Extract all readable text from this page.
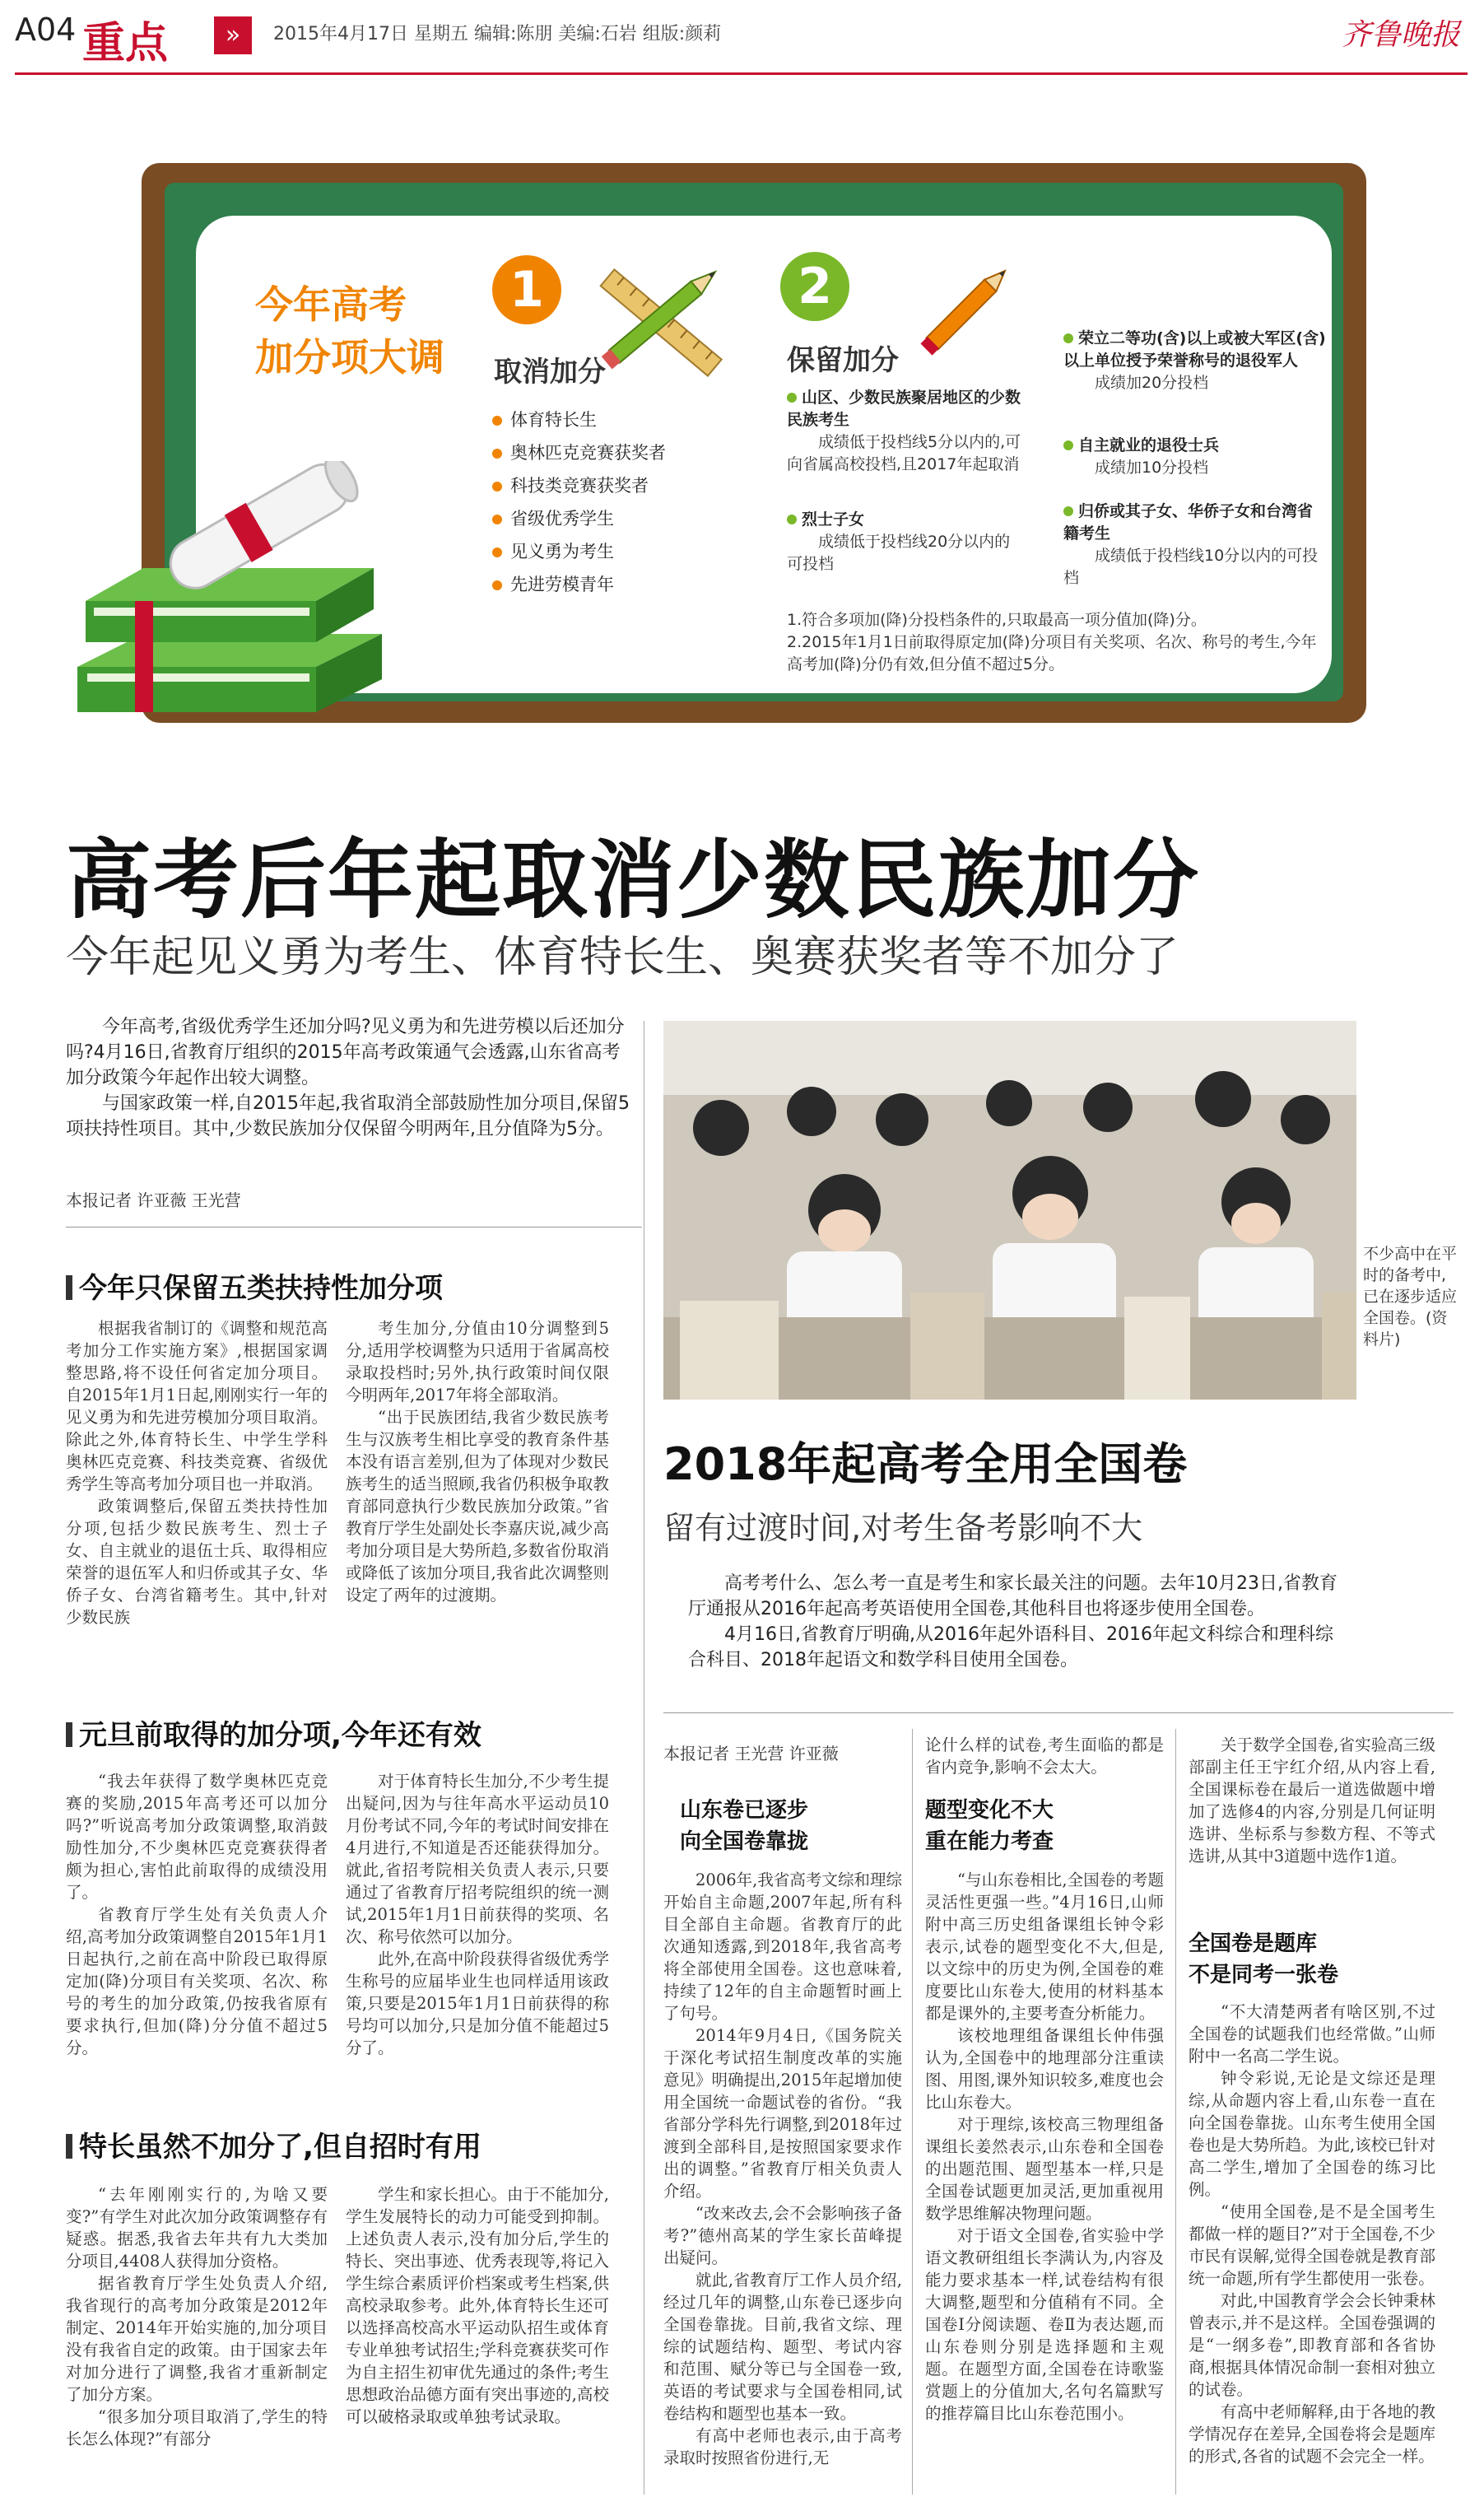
A04 重点	»	2015年4月17日 星期五 编辑:陈朋 美编:石岩 组版:颜莉	齐鲁晚报
今年高考
加分项大调
1
取消加分
体育特长生
奥林匹克竞赛获奖者
科技类竞赛获奖者
省级优秀学生
见义勇为考生
先进劳模青年
2
保留加分
山区、少数民族聚居地区的少数民族考生
成绩低于投档线5分以内的,可向省属高校投档,且2017年起取消
烈士子女
成绩低于投档线20分以内的可投档
荣立二等功(含)以上或被大军区(含)以上单位授予荣誉称号的退役军人
成绩加20分投档
自主就业的退役士兵
成绩加10分投档
归侨或其子女、华侨子女和台湾省籍考生
成绩低于投档线10分以内的可投档
1.符合多项加(降)分投档条件的,只取最高一项分值加(降)分。
2.2015年1月1日前取得原定加(降)分项目有关奖项、名次、称号的考生,今年高考加(降)分仍有效,但分值不超过5分。
高考后年起取消少数民族加分
今年起见义勇为考生、体育特长生、奥赛获奖者等不加分了

今年高考,省级优秀学生还加分吗?见义勇为和先进劳模以后还加分吗?4月16日,省教育厅组织的2015年高考政策通气会透露,山东省高考加分政策今年起作出较大调整。

与国家政策一样,自2015年起,我省取消全部鼓励性加分项目,保留5项扶持性项目。其中,少数民族加分仅保留今明两年,且分值降为5分。

本报记者 许亚薇 王光营
今年只保留五类扶持性加分项

根据我省制订的《调整和规范高考加分工作实施方案》,根据国家调整思路,将不设任何省定加分项目。自2015年1月1日起,刚刚实行一年的见义勇为和先进劳模加分项目取消。除此之外,体育特长生、中学生学科奥林匹克竞赛、科技类竞赛、省级优秀学生等高考加分项目也一并取消。

政策调整后,保留五类扶持性加分项,包括少数民族考生、烈士子女、自主就业的退伍士兵、取得相应荣誉的退伍军人和归侨或其子女、华侨子女、台湾省籍考生。其中,针对少数民族

考生加分,分值由10分调整到5分,适用学校调整为只适用于省属高校录取投档时;另外,执行政策时间仅限今明两年,2017年将全部取消。

“出于民族团结,我省少数民族考生与汉族考生相比享受的教育条件基本没有语言差别,但为了体现对少数民族考生的适当照顾,我省仍积极争取教育部同意执行少数民族加分政策。”省教育厅学生处副处长李嘉庆说,减少高考加分项目是大势所趋,多数省份取消或降低了该加分项目,我省此次调整则设定了两年的过渡期。

元旦前取得的加分项,今年还有效

“我去年获得了数学奥林匹克竞赛的奖励,2015年高考还可以加分吗?”听说高考加分政策调整,取消鼓励性加分,不少奥林匹克竞赛获得者颇为担心,害怕此前取得的成绩没用了。

省教育厅学生处有关负责人介绍,高考加分政策调整自2015年1月1日起执行,之前在高中阶段已取得原定加(降)分项目有关奖项、名次、称号的考生的加分政策,仍按我省原有要求执行,但加(降)分分值不超过5分。

对于体育特长生加分,不少考生提出疑问,因为与往年高水平运动员10月份考试不同,今年的考试时间安排在4月进行,不知道是否还能获得加分。就此,省招考院相关负责人表示,只要通过了省教育厅招考院组织的统一测试,2015年1月1日前获得的奖项、名次、称号依然可以加分。

此外,在高中阶段获得省级优秀学生称号的应届毕业生也同样适用该政策,只要是2015年1月1日前获得的称号均可以加分,只是加分值不能超过5分了。

特长虽然不加分了,但自招时有用

“去年刚刚实行的,为啥又要变?”有学生对此次加分政策调整存有疑惑。据悉,我省去年共有九大类加分项目,4408人获得加分资格。

据省教育厅学生处负责人介绍,我省现行的高考加分政策是2012年制定、2014年开始实施的,加分项目没有我省自定的政策。由于国家去年对加分进行了调整,我省才重新制定了加分方案。

“很多加分项目取消了,学生的特长怎么体现?”有部分

学生和家长担心。由于不能加分,学生发展特长的动力可能受到抑制。上述负责人表示,没有加分后,学生的特长、突出事迹、优秀表现等,将记入学生综合素质评价档案或考生档案,供高校录取参考。此外,体育特长生还可以选择高校高水平运动队招生或体育专业单独考试招生;学科竞赛获奖可作为自主招生初审优先通过的条件;考生思想政治品德方面有突出事迹的,高校可以破格录取或单独考试录取。

不少高中在平时的备考中,已在逐步适应全国卷。(资料片)
2018年起高考全用全国卷
留有过渡时间,对考生备考影响不大

高考考什么、怎么考一直是考生和家长最关注的问题。去年10月23日,省教育厅通报从2016年起高考英语使用全国卷,其他科目也将逐步使用全国卷。

4月16日,省教育厅明确,从2016年起外语科目、2016年起文科综合和理科综合科目、2018年起语文和数学科目使用全国卷。

本报记者 王光营 许亚薇
山东卷已逐步
向全国卷靠拢

2006年,我省高考文综和理综开始自主命题,2007年起,所有科目全部自主命题。省教育厅的此次通知透露,到2018年,我省高考将全部使用全国卷。这也意味着,持续了12年的自主命题暂时画上了句号。

2014年9月4日,《国务院关于深化考试招生制度改革的实施意见》明确提出,2015年起增加使用全国统一命题试卷的省份。“我省部分学科先行调整,到2018年过渡到全部科目,是按照国家要求作出的调整。”省教育厅相关负责人介绍。

“改来改去,会不会影响孩子备考?”德州高某的学生家长苗峰提出疑问。

就此,省教育厅工作人员介绍,经过几年的调整,山东卷已逐步向全国卷靠拢。目前,我省文综、理综的试题结构、题型、考试内容和范围、赋分等已与全国卷一致,英语的考试要求与全国卷相同,试卷结构和题型也基本一致。

有高中老师也表示,由于高考录取时按照省份进行,无

论什么样的试卷,考生面临的都是省内竞争,影响不会太大。

题型变化不大
重在能力考查

“与山东卷相比,全国卷的考题灵活性更强一些。”4月16日,山师附中高三历史组备课组长钟令彩表示,试卷的题型变化不大,但是,以文综中的历史为例,全国卷的难度要比山东卷大,使用的材料基本都是课外的,主要考查分析能力。

该校地理组备课组长仲伟强认为,全国卷中的地理部分注重读图、用图,课外知识较多,难度也会比山东卷大。

对于理综,该校高三物理组备课组长姜然表示,山东卷和全国卷的出题范围、题型基本一样,只是全国卷试题更加灵活,更加重视用数学思维解决物理问题。

对于语文全国卷,省实验中学语文教研组组长李满认为,内容及能力要求基本一样,试卷结构有很大调整,题型和分值稍有不同。全国卷Ⅰ分阅读题、卷Ⅱ为表达题,而山东卷则分别是选择题和主观题。在题型方面,全国卷在诗歌鉴赏题上的分值加大,名句名篇默写的推荐篇目比山东卷范围小。

关于数学全国卷,省实验高三级部副主任王宇红介绍,从内容上看,全国课标卷在最后一道选做题中增加了选修4的内容,分别是几何证明选讲、坐标系与参数方程、不等式选讲,从其中3道题中选作1道。

全国卷是题库
不是同考一张卷

“不大清楚两者有啥区别,不过全国卷的试题我们也经常做。”山师附中一名高二学生说。

钟令彩说,无论是文综还是理综,从命题内容上看,山东卷一直在向全国卷靠拢。山东考生使用全国卷也是大势所趋。为此,该校已针对高二学生,增加了全国卷的练习比例。

“使用全国卷,是不是全国考生都做一样的题目?”对于全国卷,不少市民有误解,觉得全国卷就是教育部统一命题,所有学生都使用一张卷。

对此,中国教育学会会长钟秉林曾表示,并不是这样。全国卷强调的是“一纲多卷”,即教育部和各省协商,根据具体情况命制一套相对独立的试卷。

有高中老师解释,由于各地的教学情况存在差异,全国卷将会是题库的形式,各省的试题不会完全一样。
